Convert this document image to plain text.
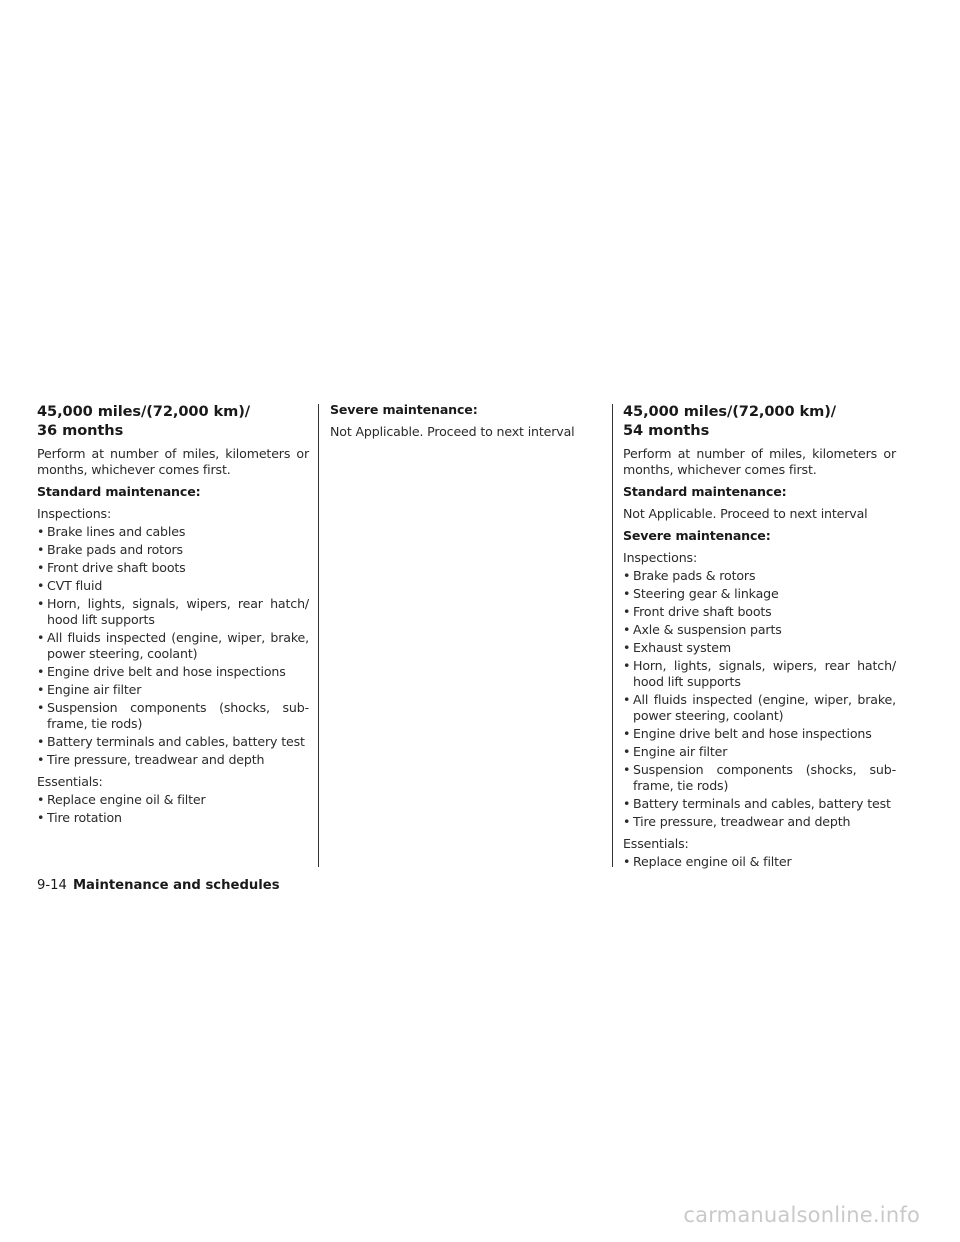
45,000 miles/(72,000 km)/
36 months

Perform at number of miles, kilometers or months, whichever comes first.

Standard maintenance:

Inspections:

• Brake lines and cables
• Brake pads and rotors
• Front drive shaft boots
• CVT fluid
• Horn, lights, signals, wipers, rear hatch/ hood lift supports
• All fluids inspected (engine, wiper, brake, power steering, coolant)
• Engine drive belt and hose inspections
• Engine air filter
• Suspension components (shocks, sub-frame, tie rods)
• Battery terminals and cables, battery test
• Tire pressure, treadwear and depth

Essentials:

• Replace engine oil & filter
• Tire rotation

Severe maintenance:

Not Applicable. Proceed to next interval

45,000 miles/(72,000 km)/
54 months

Perform at number of miles, kilometers or months, whichever comes first.

Standard maintenance:

Not Applicable. Proceed to next interval

Severe maintenance:

Inspections:

• Brake pads & rotors
• Steering gear & linkage
• Front drive shaft boots
• Axle & suspension parts
• Exhaust system
• Horn, lights, signals, wipers, rear hatch/ hood lift supports
• All fluids inspected (engine, wiper, brake, power steering, coolant)
• Engine drive belt and hose inspections
• Engine air filter
• Suspension components (shocks, sub-frame, tie rods)
• Battery terminals and cables, battery test
• Tire pressure, treadwear and depth

Essentials:

• Replace engine oil & filter
9-14 Maintenance and schedules
carmanualsonline.info
